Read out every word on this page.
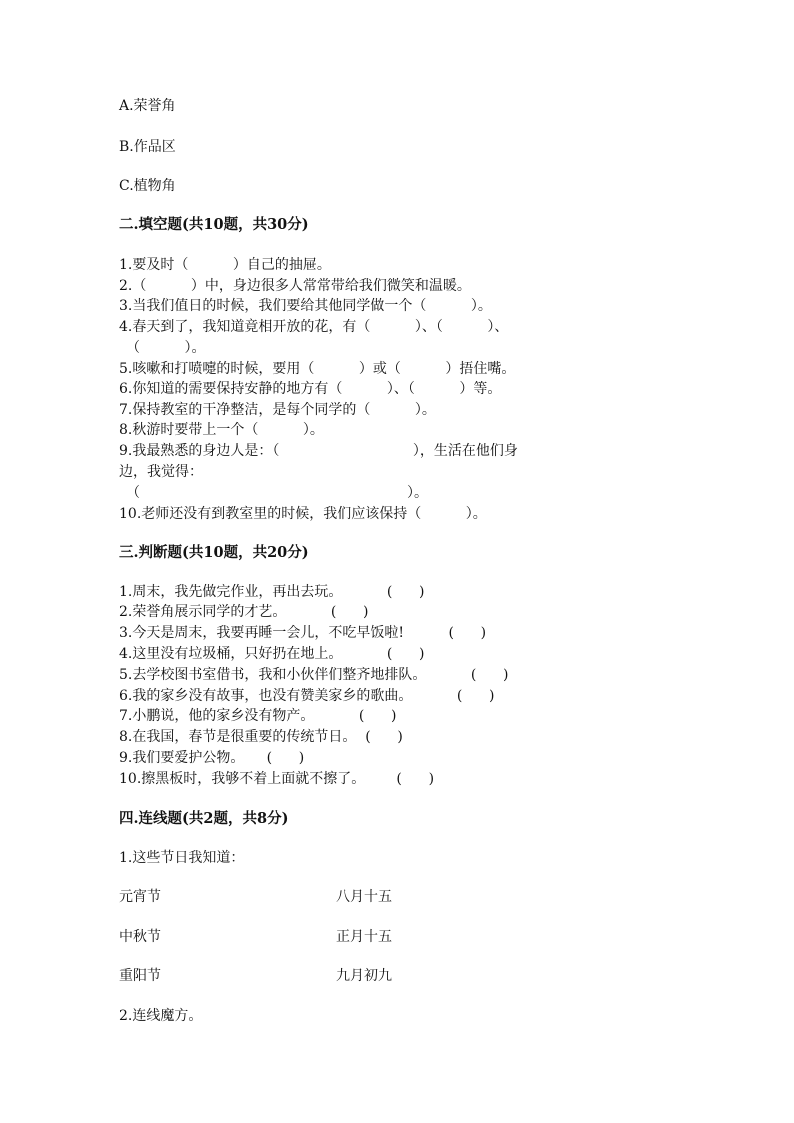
A.荣誉角
B.作品区
C.植物角
二.填空题(共10题，共30分)
1.要及时（          ）自己的抽屉。
2.（          ）中，身边很多人常常带给我们微笑和温暖。
3.当我们值日的时候，我们要给其他同学做一个（          ）。
4.春天到了，我知道竟相开放的花，有（          ）、（          ）、
（          ）。
5.咳嗽和打喷嚏的时候，要用（          ）或（          ）捂住嘴。
6.你知道的需要保持安静的地方有（          ）、（          ）等。
7.保持教室的干净整洁，是每个同学的（          ）。
8.秋游时要带上一个（          ）。
9.我最熟悉的身边人是：（                              ），生活在他们身
边，我觉得：
（                                                            ）。
10.老师还没有到教室里的时候，我们应该保持（          ）。
三.判断题(共10题，共20分)
1.周末，我先做完作业，再出去玩。          (      )
2.荣誉角展示同学的才艺。          (      )
3.今天是周末，我要再睡一会儿，不吃早饭啦!          (      )
4.这里没有垃圾桶，只好扔在地上。          (      )
5.去学校图书室借书，我和小伙伴们整齐地排队。          (      )
6.我的家乡没有故事，也没有赞美家乡的歌曲。          (      )
7.小鹏说，他的家乡没有物产。          (      )
8.在我国，春节是很重要的传统节日。  (      )
9.我们要爱护公物。     (      )
10.擦黑板时，我够不着上面就不擦了。       (      )
四.连线题(共2题，共8分)
1.这些节日我知道：
元宵节	八月十五
中秋节	正月十五
重阳节	九月初九
2.连线魔方。
